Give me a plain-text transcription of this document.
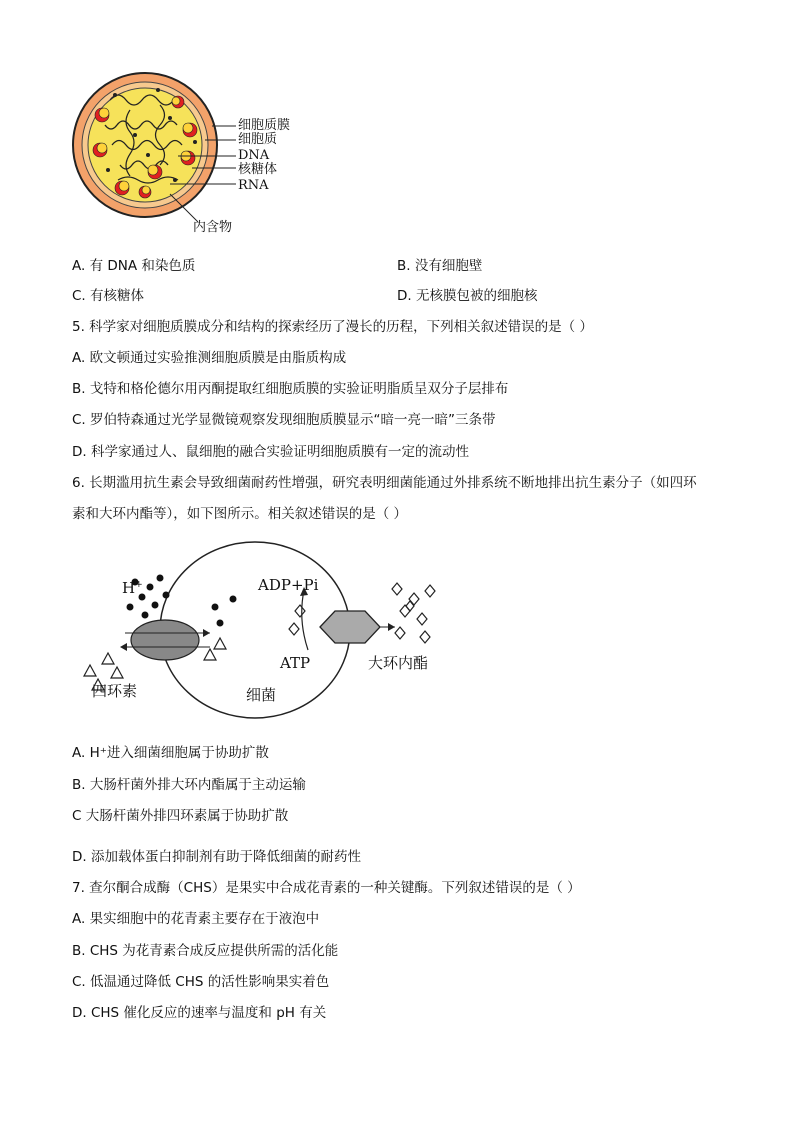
细胞质膜
细胞质
DNA
核糖体
RNA
内含物
A. 有 DNA 和染色质	B. 没有细胞壁
C. 有核糖体	D. 无核膜包被的细胞核
5. 科学家对细胞质膜成分和结构的探索经历了漫长的历程，下列相关叙述错误的是（ ）
A. 欧文顿通过实验推测细胞质膜是由脂质构成
B. 戈特和格伦德尔用丙酮提取红细胞质膜的实验证明脂质呈双分子层排布
C. 罗伯特森通过光学显微镜观察发现细胞质膜显示“暗一亮一暗”三条带
D. 科学家通过人、鼠细胞的融合实验证明细胞质膜有一定的流动性
6. 长期滥用抗生素会导致细菌耐药性增强，研究表明细菌能通过外排系统不断地排出抗生素分子（如四环
素和大环内酯等），如下图所示。相关叙述错误的是（ ）
H+	ADP+Pi
ATP
四环素	细菌
大环内酯
A. H⁺进入细菌细胞属于协助扩散
B. 大肠杆菌外排大环内酯属于主动运输
C 大肠杆菌外排四环素属于协助扩散
D. 添加载体蛋白抑制剂有助于降低细菌的耐药性
7. 查尔酮合成酶（CHS）是果实中合成花青素的一种关键酶。下列叙述错误的是（ ）
A. 果实细胞中的花青素主要存在于液泡中
B. CHS 为花青素合成反应提供所需的活化能
C. 低温通过降低 CHS 的活性影响果实着色
D. CHS 催化反应的速率与温度和 pH 有关
